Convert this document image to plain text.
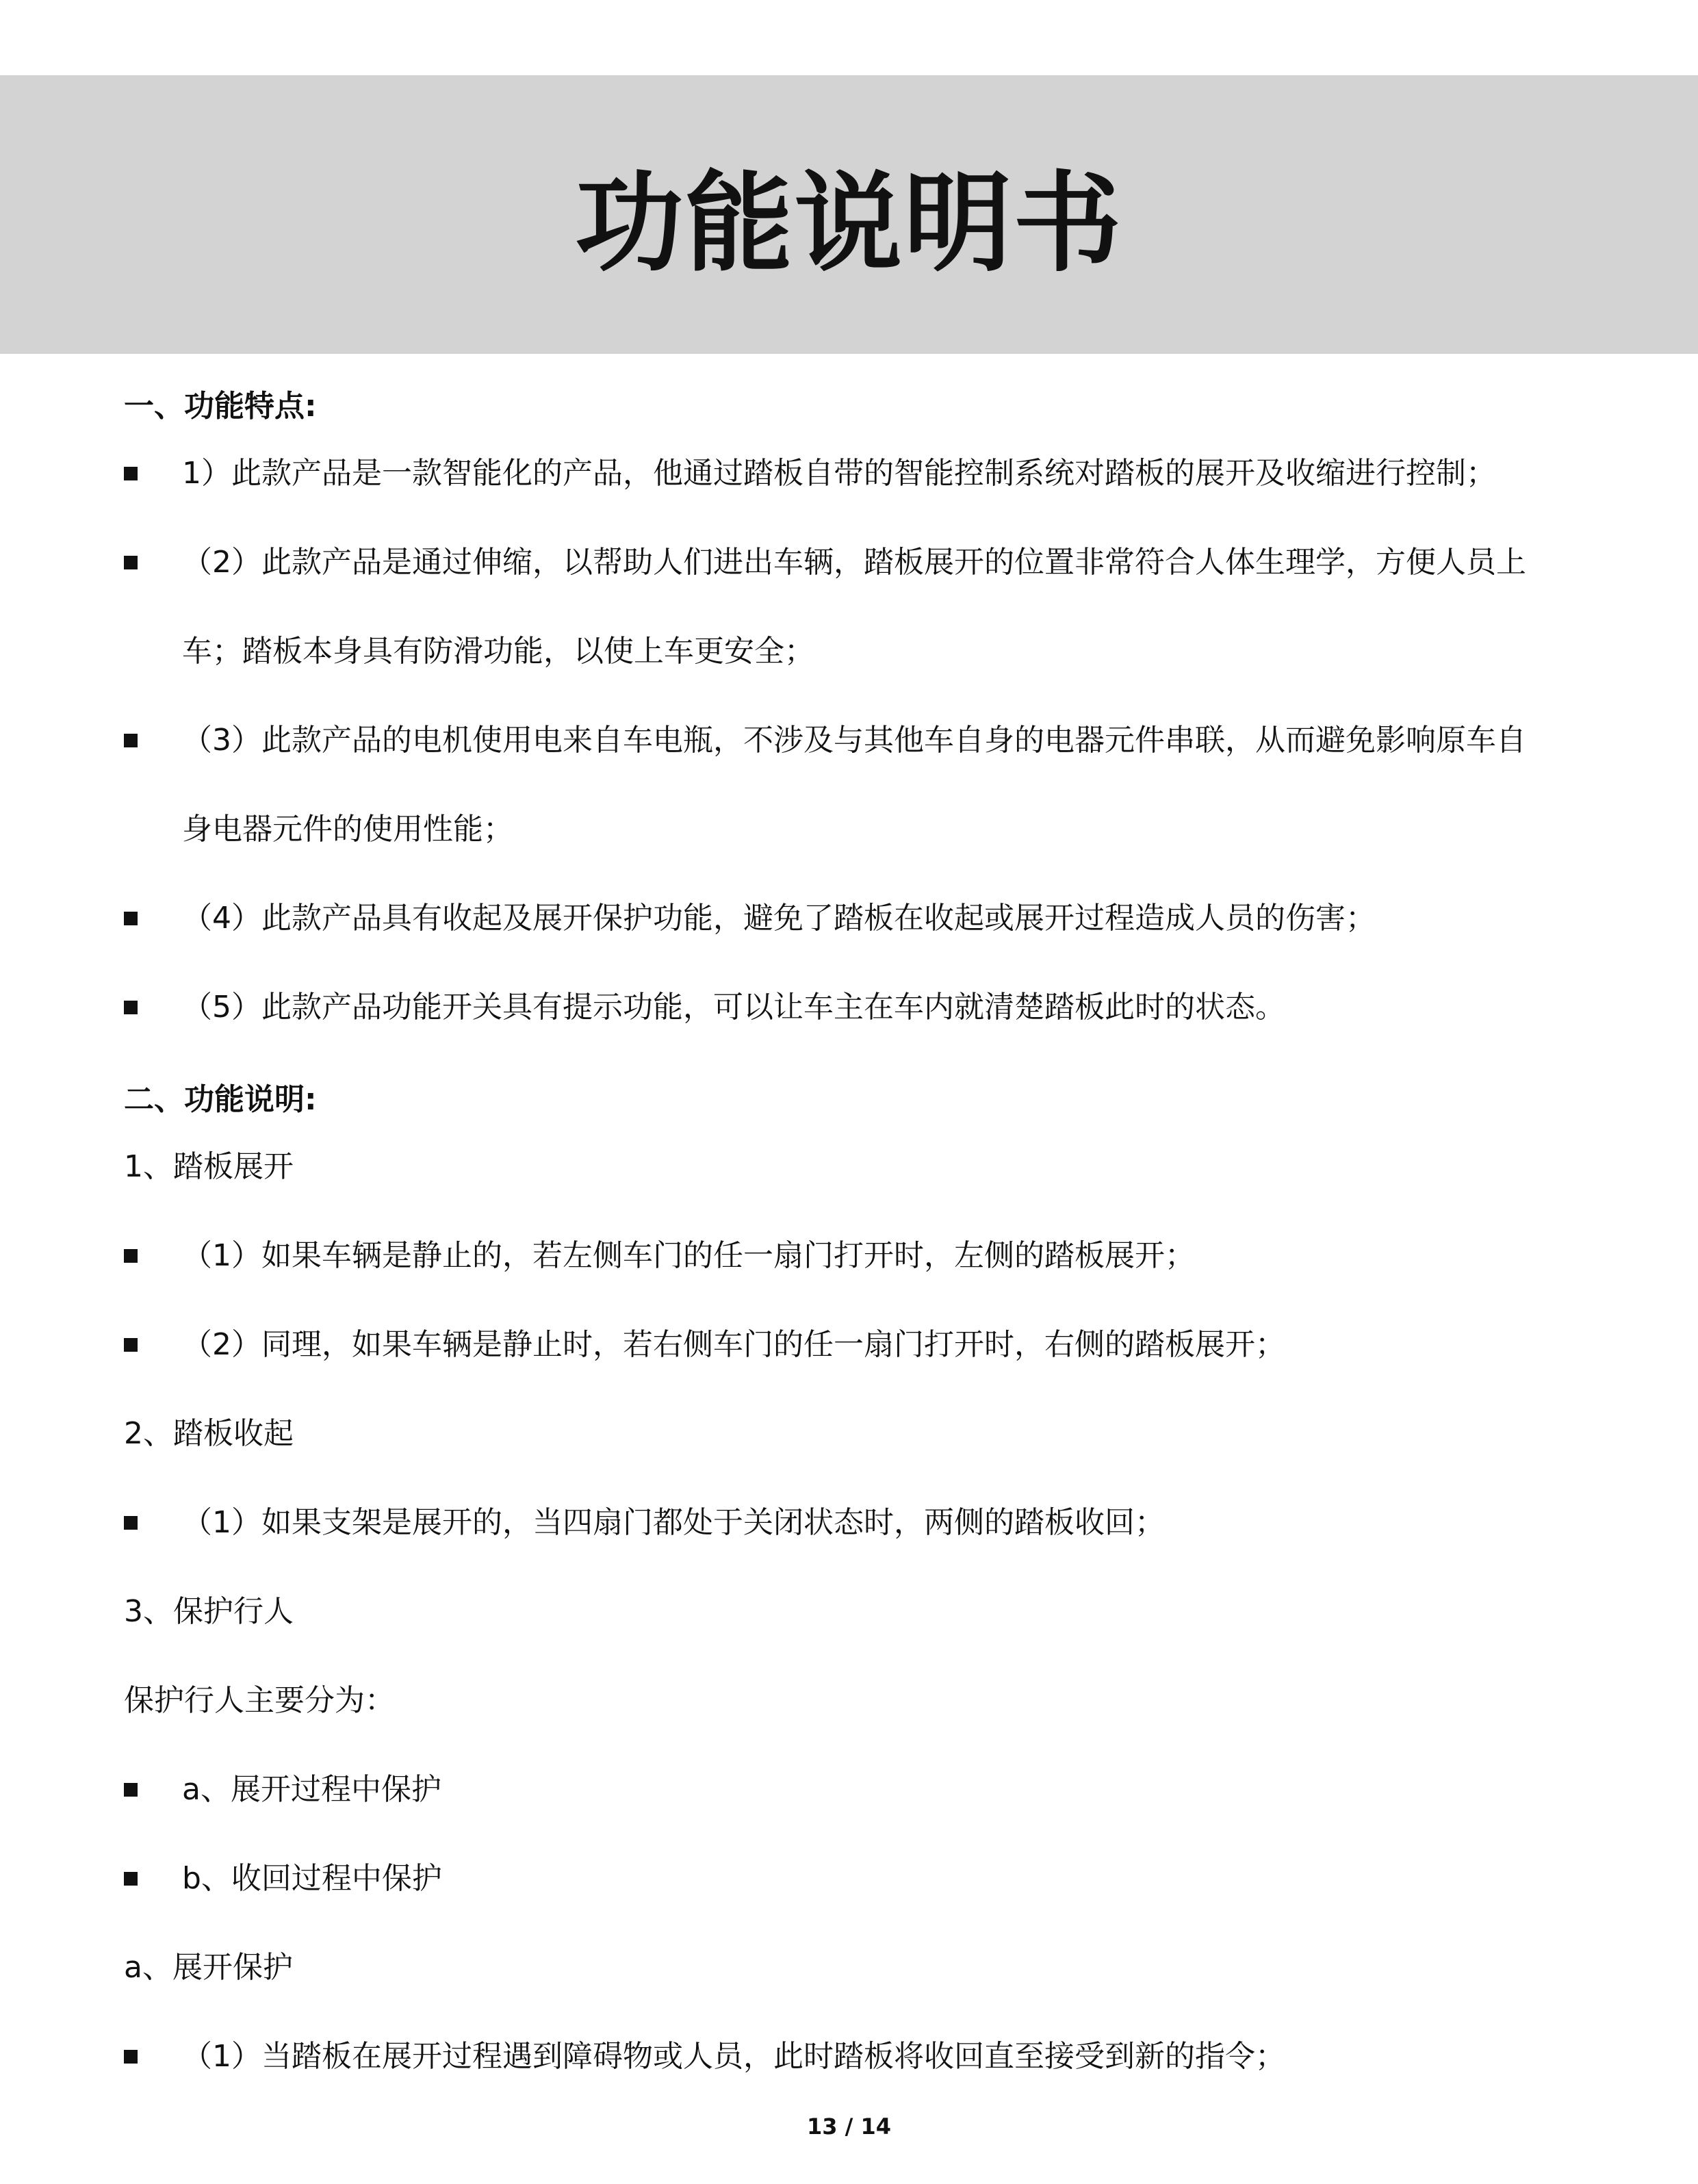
功能说明书
一、功能特点:
1）此款产品是一款智能化的产品，他通过踏板自带的智能控制系统对踏板的展开及收缩进行控制；
（2）此款产品是通过伸缩，以帮助人们进出车辆，踏板展开的位置非常符合人体生理学，方便人员上
车；踏板本身具有防滑功能，以使上车更安全；
（3）此款产品的电机使用电来自车电瓶，不涉及与其他车自身的电器元件串联，从而避免影响原车自
身电器元件的使用性能；
（4）此款产品具有收起及展开保护功能，避免了踏板在收起或展开过程造成人员的伤害；
（5）此款产品功能开关具有提示功能，可以让车主在车内就清楚踏板此时的状态。
二、功能说明:
1、踏板展开
（1）如果车辆是静止的，若左侧车门的任一扇门打开时，左侧的踏板展开；
（2）同理，如果车辆是静止时，若右侧车门的任一扇门打开时，右侧的踏板展开；
2、踏板收起
（1）如果支架是展开的，当四扇门都处于关闭状态时，两侧的踏板收回；
3、保护行人
保护行人主要分为：
a、展开过程中保护
b、收回过程中保护
a、展开保护
（1）当踏板在展开过程遇到障碍物或人员，此时踏板将收回直至接受到新的指令；
13 / 14
